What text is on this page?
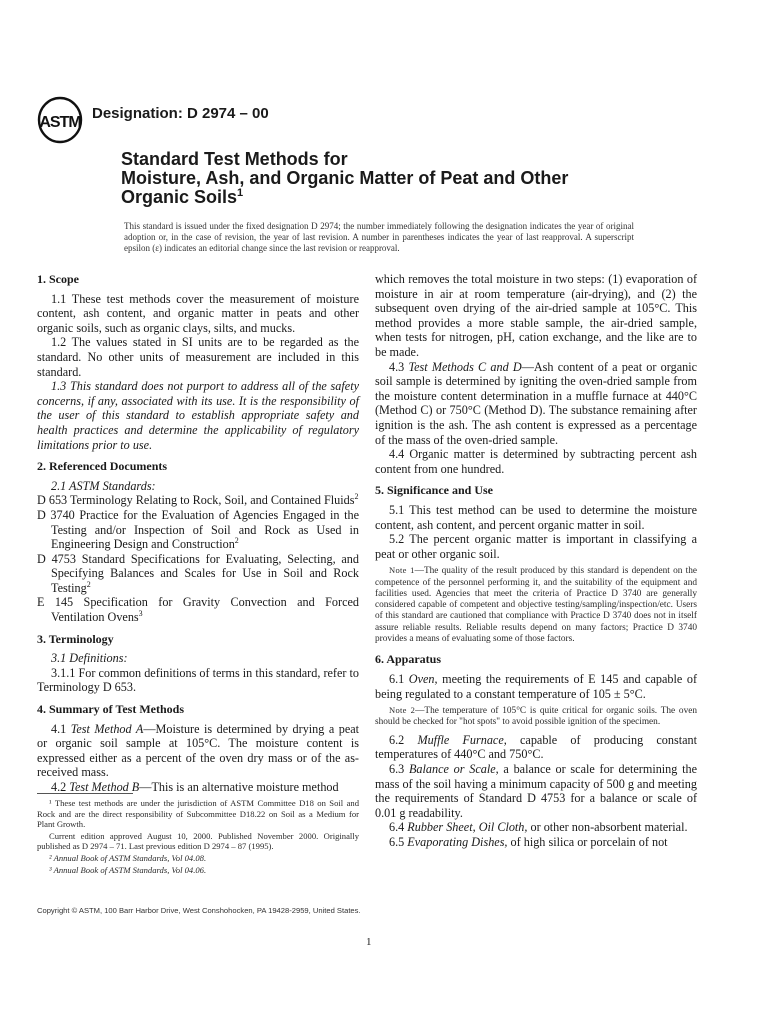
ASTM
Designation: D 2974 – 00
Standard Test Methods for
Moisture, Ash, and Organic Matter of Peat and Other
Organic Soils$^1$
This standard is issued under the fixed designation D 2974; the number immediately following the designation indicates the year of original adoption or, in the case of revision, the year of last revision. A number in parentheses indicates the year of last reapproval. A superscript epsilon (ε) indicates an editorial change since the last revision or reapproval.

1. Scope

1.1 These test methods cover the measurement of moisture content, ash content, and organic matter in peats and other organic soils, such as organic clays, silts, and mucks.

1.2 The values stated in SI units are to be regarded as the standard. No other units of measurement are included in this standard.

1.3 This standard does not purport to address all of the safety concerns, if any, associated with its use. It is the responsibility of the user of this standard to establish appropriate safety and health practices and determine the applicability of regulatory limitations prior to use.

2. Referenced Documents

2.1 ASTM Standards:

D 653 Terminology Relating to Rock, Soil, and Contained Fluids$^2$

D 3740 Practice for the Evaluation of Agencies Engaged in the Testing and/or Inspection of Soil and Rock as Used in Engineering Design and Construction$^2$

D 4753 Standard Specifications for Evaluating, Selecting, and Specifying Balances and Scales for Use in Soil and Rock Testing$^2$

E 145 Specification for Gravity Convection and Forced Ventilation Ovens$^3$

3. Terminology

3.1 Definitions:

3.1.1 For common definitions of terms in this standard, refer to Terminology D 653.

4. Summary of Test Methods

4.1 Test Method A—Moisture is determined by drying a peat or organic soil sample at 105°C. The moisture content is expressed either as a percent of the oven dry mass or of the as-received mass.

4.2 Test Method B—This is an alternative moisture method

¹ These test methods are under the jurisdiction of ASTM Committee D18 on Soil and Rock and are the direct responsibility of Subcommittee D18.22 on Soil as a Medium for Plant Growth.

Current edition approved August 10, 2000. Published November 2000. Originally published as D 2974 – 71. Last previous edition D 2974 – 87 (1995).

² Annual Book of ASTM Standards, Vol 04.08.

³ Annual Book of ASTM Standards, Vol 04.06.

which removes the total moisture in two steps: (1) evaporation of moisture in air at room temperature (air-drying), and (2) the subsequent oven drying of the air-dried sample at 105°C. This method provides a more stable sample, the air-dried sample, when tests for nitrogen, pH, cation exchange, and the like are to be made.

4.3 Test Methods C and D—Ash content of a peat or organic soil sample is determined by igniting the oven-dried sample from the moisture content determination in a muffle furnace at 440°C (Method C) or 750°C (Method D). The substance remaining after ignition is the ash. The ash content is expressed as a percentage of the mass of the oven-dried sample.

4.4 Organic matter is determined by subtracting percent ash content from one hundred.

5. Significance and Use

5.1 This test method can be used to determine the moisture content, ash content, and percent organic matter in soil.

5.2 The percent organic matter is important in classifying a peat or other organic soil.

Note 1—The quality of the result produced by this standard is dependent on the competence of the personnel performing it, and the suitability of the equipment and facilities used. Agencies that meet the criteria of Practice D 3740 are generally considered capable of competent and objective testing/sampling/inspection/etc. Users of this standard are cautioned that compliance with Practice D 3740 does not in itself assure reliable results. Reliable results depend on many factors; Practice D 3740 provides a means of evaluating some of those factors.

6. Apparatus

6.1 Oven, meeting the requirements of E 145 and capable of being regulated to a constant temperature of 105 ± 5°C.

Note 2—The temperature of 105°C is quite critical for organic soils. The oven should be checked for "hot spots" to avoid possible ignition of the specimen.

6.2 Muffle Furnace, capable of producing constant temperatures of 440°C and 750°C.

6.3 Balance or Scale, a balance or scale for determining the mass of the soil having a minimum capacity of 500 g and meeting the requirements of Standard D 4753 for a balance or scale of 0.01 g readability.

6.4 Rubber Sheet, Oil Cloth, or other non-absorbent material.

6.5 Evaporating Dishes, of high silica or porcelain of not

Copyright © ASTM, 100 Barr Harbor Drive, West Conshohocken, PA 19428-2959, United States.
1
